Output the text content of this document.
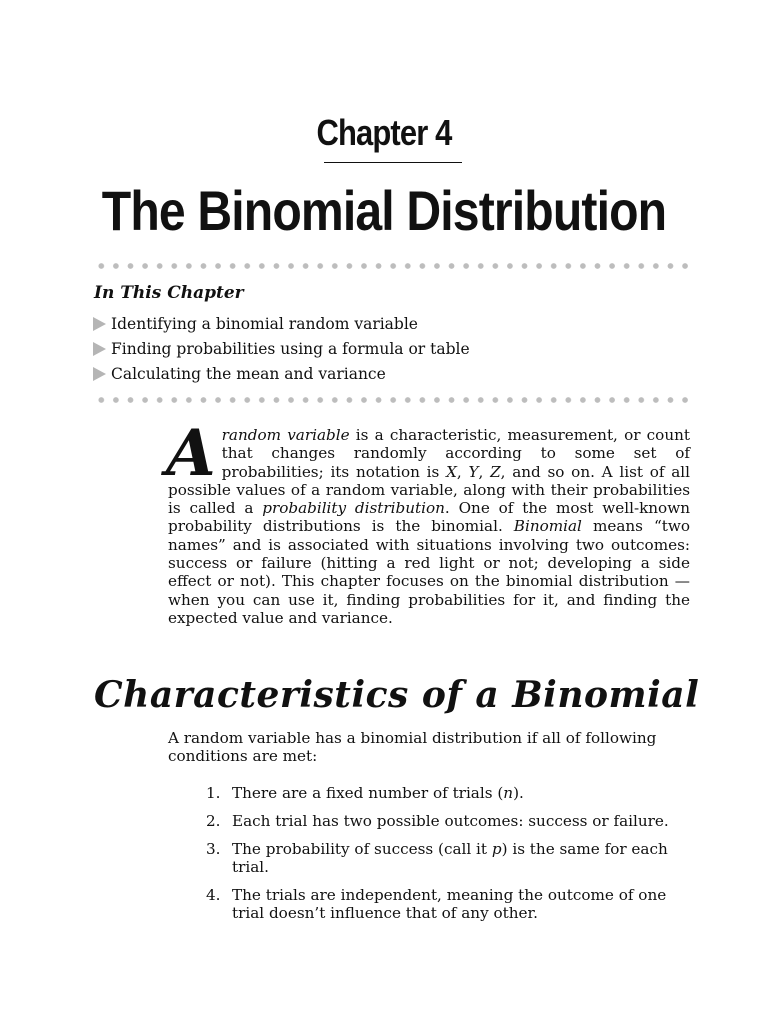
Chapter 4
The Binomial Distribution
In This Chapter
Identifying a binomial random variable
Finding probabilities using a formula or table
Calculating the mean and variance
A random variable is a characteristic, measurement, or count that changes randomly according to some set of probabilities; its notation is X, Y, Z, and so on. A list of all possible values of a random variable, along with their probabilities is called a probability distribution. One of the most well-known probability distributions is the binomial. Binomial means “two names” and is associated with situations involving two outcomes: success or failure (hitting a red light or not; developing a side effect or not). This chapter focuses on the binomial distribution —when you can use it, finding probabilities for it, and finding the expected value and variance.

Characteristics of a Binomial

A random variable has a binomial distribution if all of following conditions are met:

1. There are a fixed number of trials (n).
2. Each trial has two possible outcomes: success or failure.
3. The probability of success (call it p) is the same for each trial.
4. The trials are independent, meaning the outcome of one trial doesn’t influence that of any other.
